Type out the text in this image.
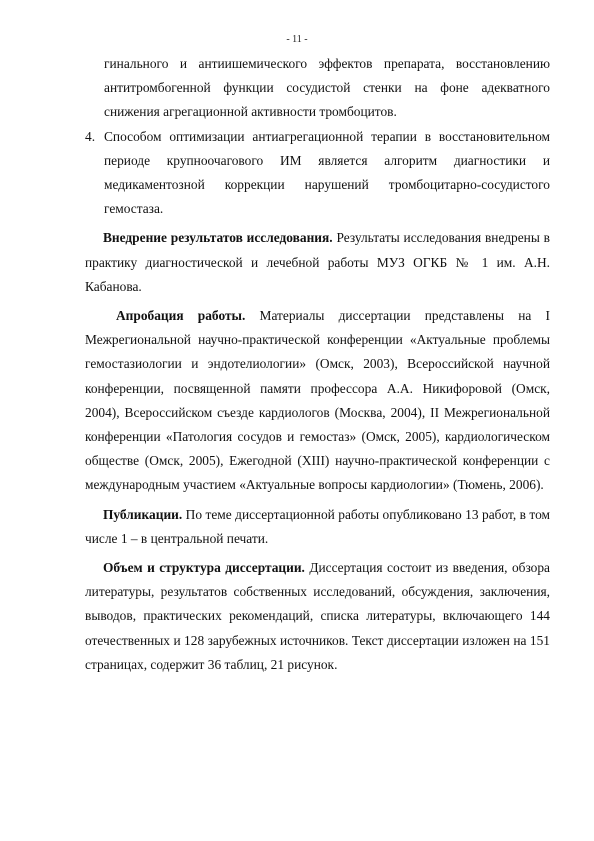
- 11 -

гинального и антиишемического эффектов препарата, восстановлению антитромбогенной функции сосудистой стенки на фоне адекватного снижения агрегационной активности тромбоцитов.

4. Способом оптимизации антиагрегационной терапии в восстановительном периоде крупноочагового ИМ является алгоритм диагностики и медикаментозной коррекции нарушений тромбоцитарно-сосудистого гемостаза.

Внедрение результатов исследования. Результаты исследования внедрены в практику диагностической и лечебной работы МУЗ ОГКБ № 1 им. А.Н. Кабанова.

Апробация работы. Материалы диссертации представлены на I Межрегиональной научно-практической конференции «Актуальные проблемы гемостазиологии и эндотелиологии» (Омск, 2003), Всероссийской научной конференции, посвященной памяти профессора А.А. Никифоровой (Омск, 2004), Всероссийском съезде кардиологов (Москва, 2004), II Межрегиональной конференции «Патология сосудов и гемостаз» (Омск, 2005), кардиологическом обществе (Омск, 2005), Ежегодной (XIII) научно-практической конференции с международным участием «Актуальные вопросы кардиологии» (Тюмень, 2006).

Публикации. По теме диссертационной работы опубликовано 13 работ, в том числе 1 – в центральной печати.

Объем и структура диссертации. Диссертация состоит из введения, обзора литературы, результатов собственных исследований, обсуждения, заключения, выводов, практических рекомендаций, списка литературы, включающего 144 отечественных и 128 зарубежных источников. Текст диссертации изложен на 151 страницах, содержит 36 таблиц, 21 рисунок.
